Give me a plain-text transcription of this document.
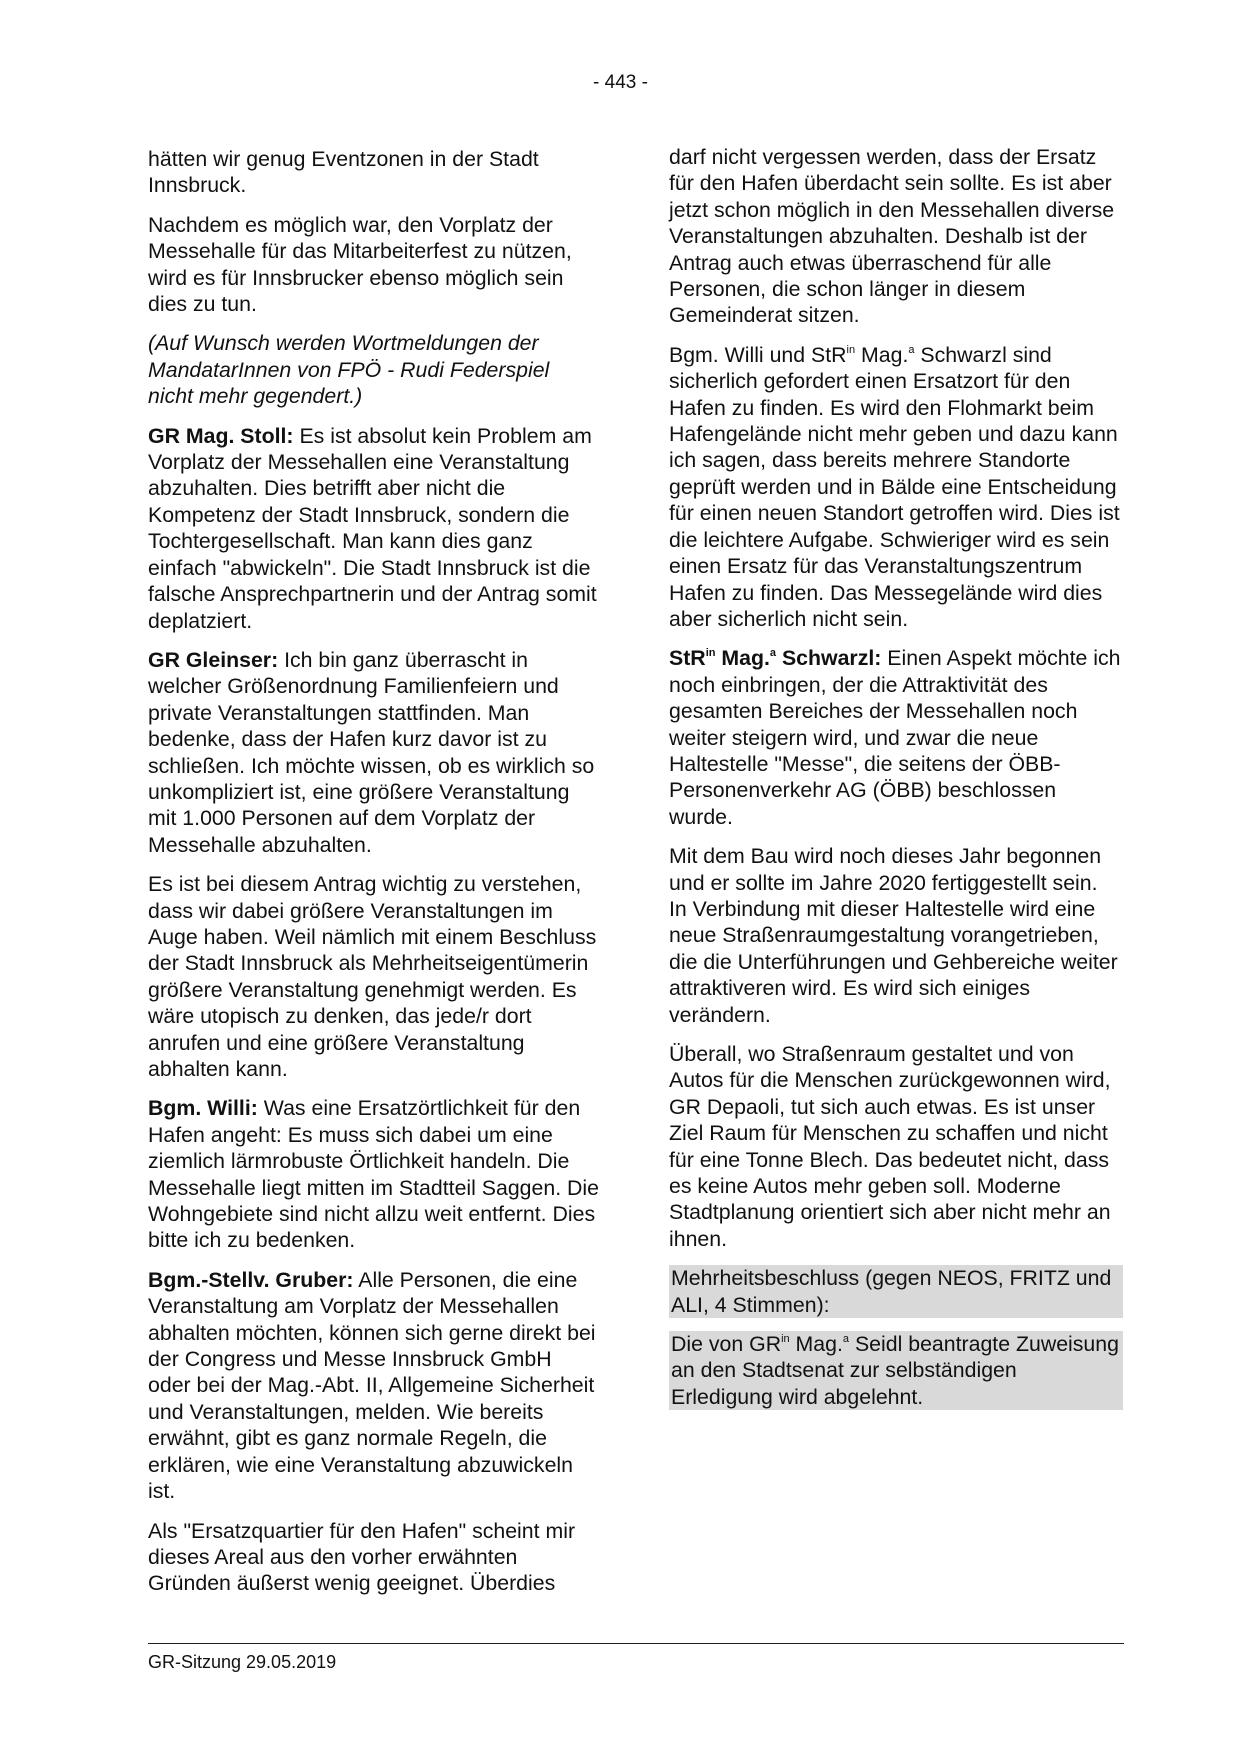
- 443 -

hätten wir genug Eventzonen in der Stadt Innsbruck.

Nachdem es möglich war, den Vorplatz der Messehalle für das Mitarbeiterfest zu nützen, wird es für Innsbrucker ebenso möglich sein dies zu tun.

(Auf Wunsch werden Wortmeldungen der MandatarInnen von FPÖ - Rudi Federspiel nicht mehr gegendert.)

GR Mag. Stoll: Es ist absolut kein Problem am Vorplatz der Messehallen eine Veranstaltung abzuhalten. Dies betrifft aber nicht die Kompetenz der Stadt Innsbruck, sondern die Tochtergesellschaft. Man kann dies ganz einfach "abwickeln". Die Stadt Innsbruck ist die falsche Ansprechpartnerin und der Antrag somit deplatziert.

GR Gleinser: Ich bin ganz überrascht in welcher Größenordnung Familienfeiern und private Veranstaltungen stattfinden. Man bedenke, dass der Hafen kurz davor ist zu schließen. Ich möchte wissen, ob es wirklich so unkompliziert ist, eine größere Veranstaltung mit 1.000 Personen auf dem Vorplatz der Messehalle abzuhalten.

Es ist bei diesem Antrag wichtig zu verstehen, dass wir dabei größere Veranstaltungen im Auge haben. Weil nämlich mit einem Beschluss der Stadt Innsbruck als Mehrheitseigentümerin größere Veranstaltung genehmigt werden. Es wäre utopisch zu denken, das jede/r dort anrufen und eine größere Veranstaltung abhalten kann.

Bgm. Willi: Was eine Ersatzörtlichkeit für den Hafen angeht: Es muss sich dabei um eine ziemlich lärmrobuste Örtlichkeit handeln. Die Messehalle liegt mitten im Stadtteil Saggen. Die Wohngebiete sind nicht allzu weit entfernt. Dies bitte ich zu bedenken.

Bgm.-Stellv. Gruber: Alle Personen, die eine Veranstaltung am Vorplatz der Messehallen abhalten möchten, können sich gerne direkt bei der Congress und Messe Innsbruck GmbH oder bei der Mag.-Abt. II, Allgemeine Sicherheit und Veranstaltungen, melden. Wie bereits erwähnt, gibt es ganz normale Regeln, die erklären, wie eine Veranstaltung abzuwickeln ist.

Als "Ersatzquartier für den Hafen" scheint mir dieses Areal aus den vorher erwähnten Gründen äußerst wenig geeignet. Überdies

darf nicht vergessen werden, dass der Ersatz für den Hafen überdacht sein sollte. Es ist aber jetzt schon möglich in den Messehallen diverse Veranstaltungen abzuhalten. Deshalb ist der Antrag auch etwas überraschend für alle Personen, die schon länger in diesem Gemeinderat sitzen.

Bgm. Willi und StR$^{in}$ Mag.$^a$ Schwarzl sind sicherlich gefordert einen Ersatzort für den Hafen zu finden. Es wird den Flohmarkt beim Hafengelände nicht mehr geben und dazu kann ich sagen, dass bereits mehrere Standorte geprüft werden und in Bälde eine Entscheidung für einen neuen Standort getroffen wird. Dies ist die leichtere Aufgabe. Schwieriger wird es sein einen Ersatz für das Veranstaltungszentrum Hafen zu finden. Das Messegelände wird dies aber sicherlich nicht sein.

StR$^{in}$ Mag.$^a$ Schwarzl: Einen Aspekt möchte ich noch einbringen, der die Attraktivität des gesamten Bereiches der Messehallen noch weiter steigern wird, und zwar die neue Haltestelle "Messe", die seitens der ÖBB-Personenverkehr AG (ÖBB) beschlossen wurde.

Mit dem Bau wird noch dieses Jahr begonnen und er sollte im Jahre 2020 fertiggestellt sein. In Verbindung mit dieser Haltestelle wird eine neue Straßenraumgestaltung vorangetrieben, die die Unterführungen und Gehbereiche weiter attraktiveren wird. Es wird sich einiges verändern.

Überall, wo Straßenraum gestaltet und von Autos für die Menschen zurückgewonnen wird, GR Depaoli, tut sich auch etwas. Es ist unser Ziel Raum für Menschen zu schaffen und nicht für eine Tonne Blech. Das bedeutet nicht, dass es keine Autos mehr geben soll. Moderne Stadtplanung orientiert sich aber nicht mehr an ihnen.

Mehrheitsbeschluss (gegen NEOS, FRITZ und ALI, 4 Stimmen):

Die von $GR^{in}$ Mag.$^a$ Seidl beantragte Zuweisung an den Stadtsenat zur selbständigen Erledigung wird abgelehnt.

GR-Sitzung 29.05.2019
